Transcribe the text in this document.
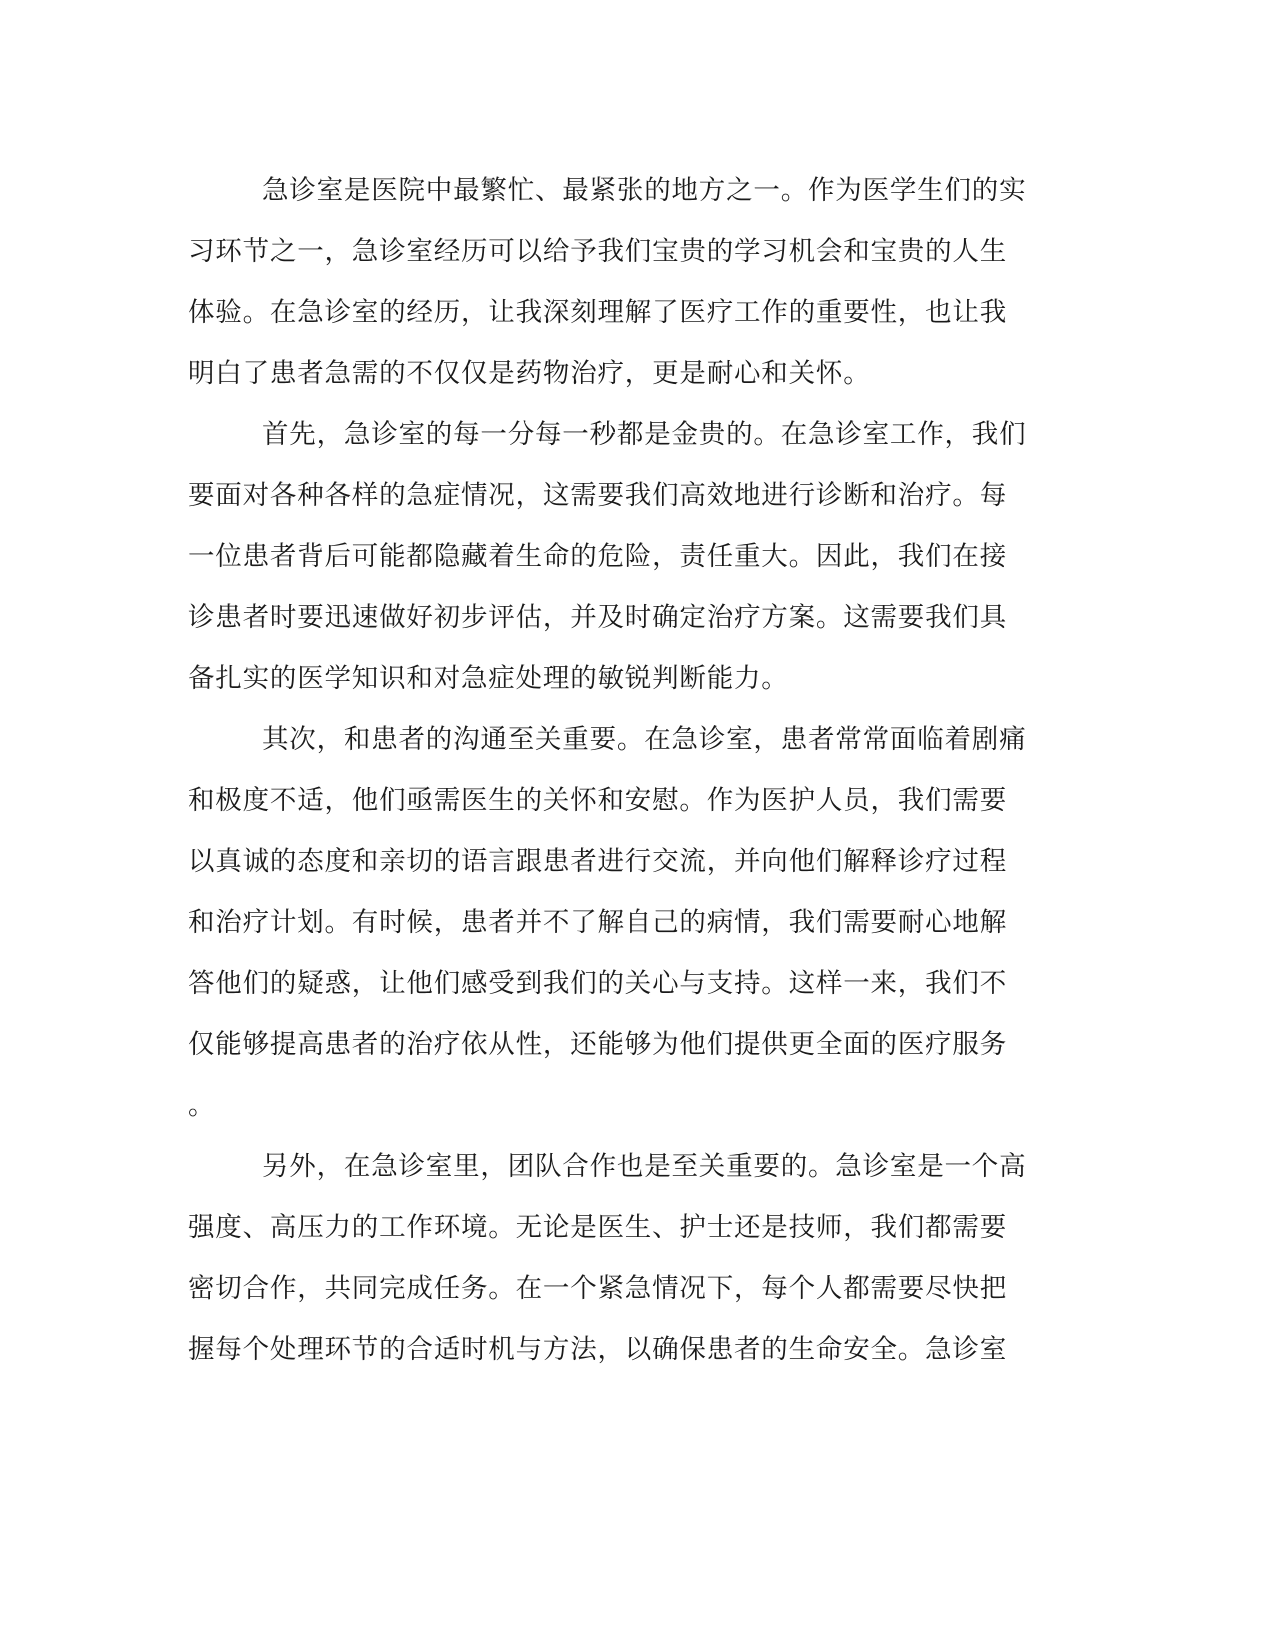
急诊室是医院中最繁忙、最紧张的地方之一。作为医学生们的实
习环节之一，急诊室经历可以给予我们宝贵的学习机会和宝贵的人生
体验。在急诊室的经历，让我深刻理解了医疗工作的重要性，也让我
明白了患者急需的不仅仅是药物治疗，更是耐心和关怀。
首先，急诊室的每一分每一秒都是金贵的。在急诊室工作，我们
要面对各种各样的急症情况，这需要我们高效地进行诊断和治疗。每
一位患者背后可能都隐藏着生命的危险，责任重大。因此，我们在接
诊患者时要迅速做好初步评估，并及时确定治疗方案。这需要我们具
备扎实的医学知识和对急症处理的敏锐判断能力。
其次，和患者的沟通至关重要。在急诊室，患者常常面临着剧痛
和极度不适，他们亟需医生的关怀和安慰。作为医护人员，我们需要
以真诚的态度和亲切的语言跟患者进行交流，并向他们解释诊疗过程
和治疗计划。有时候，患者并不了解自己的病情，我们需要耐心地解
答他们的疑惑，让他们感受到我们的关心与支持。这样一来，我们不
仅能够提高患者的治疗依从性，还能够为他们提供更全面的医疗服务
。
另外，在急诊室里，团队合作也是至关重要的。急诊室是一个高
强度、高压力的工作环境。无论是医生、护士还是技师，我们都需要
密切合作，共同完成任务。在一个紧急情况下，每个人都需要尽快把
握每个处理环节的合适时机与方法，以确保患者的生命安全。急诊室
